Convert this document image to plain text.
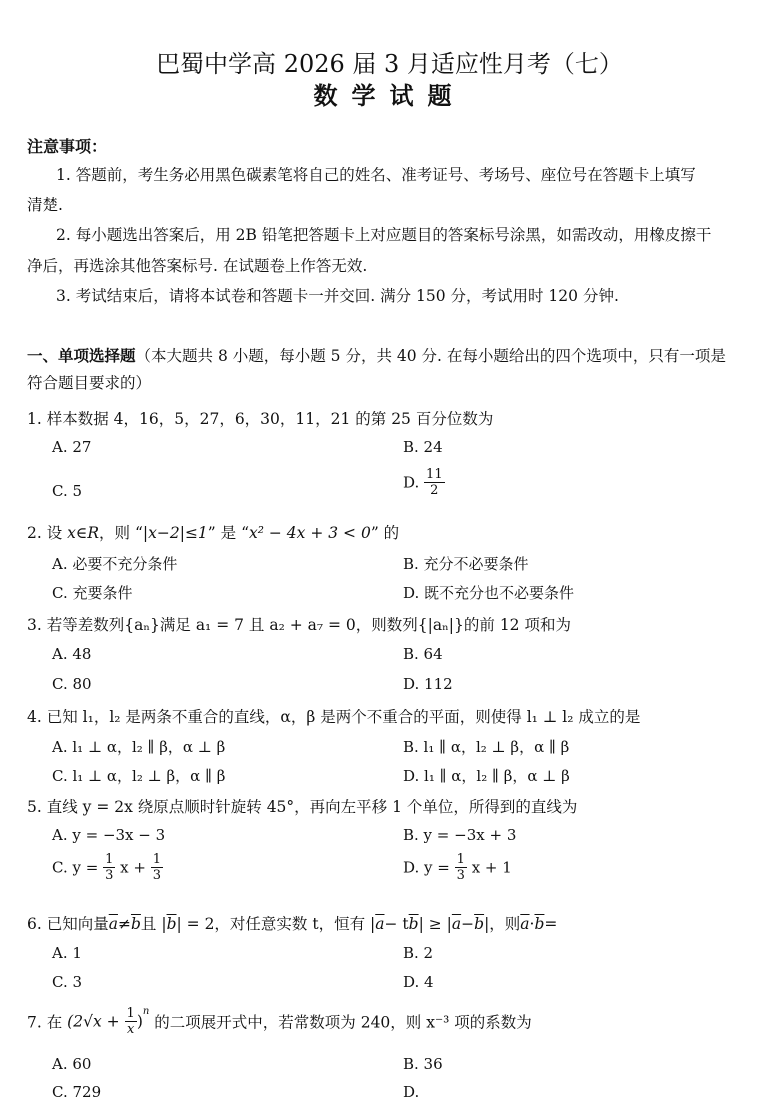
巴蜀中学高 2026 届 3 月适应性月考（七）
数学试题
注意事项：
1. 答题前，考生务必用黑色碳素笔将自己的姓名、准考证号、考场号、座位号在答题卡上填写
清楚.
2. 每小题选出答案后，用 2B 铅笔把答题卡上对应题目的答案标号涂黑，如需改动，用橡皮擦干
净后，再选涂其他答案标号. 在试题卷上作答无效.
3. 考试结束后，请将本试卷和答题卡一并交回. 满分 150 分，考试用时 120 分钟.
一、单项选择题（本大题共 8 小题，每小题 5 分，共 40 分. 在每小题给出的四个选项中，只有一项是
符合题目要求的）
1. 样本数据 4，16，5，27，6，30，11，21 的第 25 百分位数为
A. 27	B. 24
C. 5	D. $\frac{11}{2}$
2. 设 x∈R，则 “|x−2|≤1” 是 “x² − 4x + 3 < 0” 的
A. 必要不充分条件	B. 充分不必要条件
C. 充要条件	D. 既不充分也不必要条件
3. 若等差数列{aₙ}满足 a₁ = 7 且 a₂ + a₇ = 0，则数列{|aₙ|}的前 12 项和为
A. 48	B. 64
C. 80	D. 112
4. 已知 l₁，l₂ 是两条不重合的直线，α，β 是两个不重合的平面，则使得 l₁ ⊥ l₂ 成立的是
A. l₁ ⊥ α，l₂ ∥ β，α ⊥ β	B. l₁ ∥ α，l₂ ⊥ β，α ∥ β
C. l₁ ⊥ α，l₂ ⊥ β，α ∥ β	D. l₁ ∥ α，l₂ ∥ β，α ⊥ β
5. 直线 y = 2x 绕原点顺时针旋转 45°，再向左平移 1 个单位，所得到的直线为
A. y = −3x − 3	B. y = −3x + 3
C. $y = \frac{1}{3}$ $x + \frac{1}{3}$	D. $y = \frac{1}{3}$ x + 1
6. 已知向量$\overline{a}\ne\overline{b}$且 $|\overline{b}| = 2$，对任意实数 t，恒有 $|\overline{a}- t\overline{b}| \ge |\overline{a}-\overline{b}|$，则$\overline{a}\cdot\overline{b}=$
A. 1	B. 2
C. 3	D. 4
7. 在 $(2√x + \frac{1}{x} )^n$ 的二项展开式中，若常数项为 240，则 x⁻³ 项的系数为
A. 60	B. 36
C. 729	D.
